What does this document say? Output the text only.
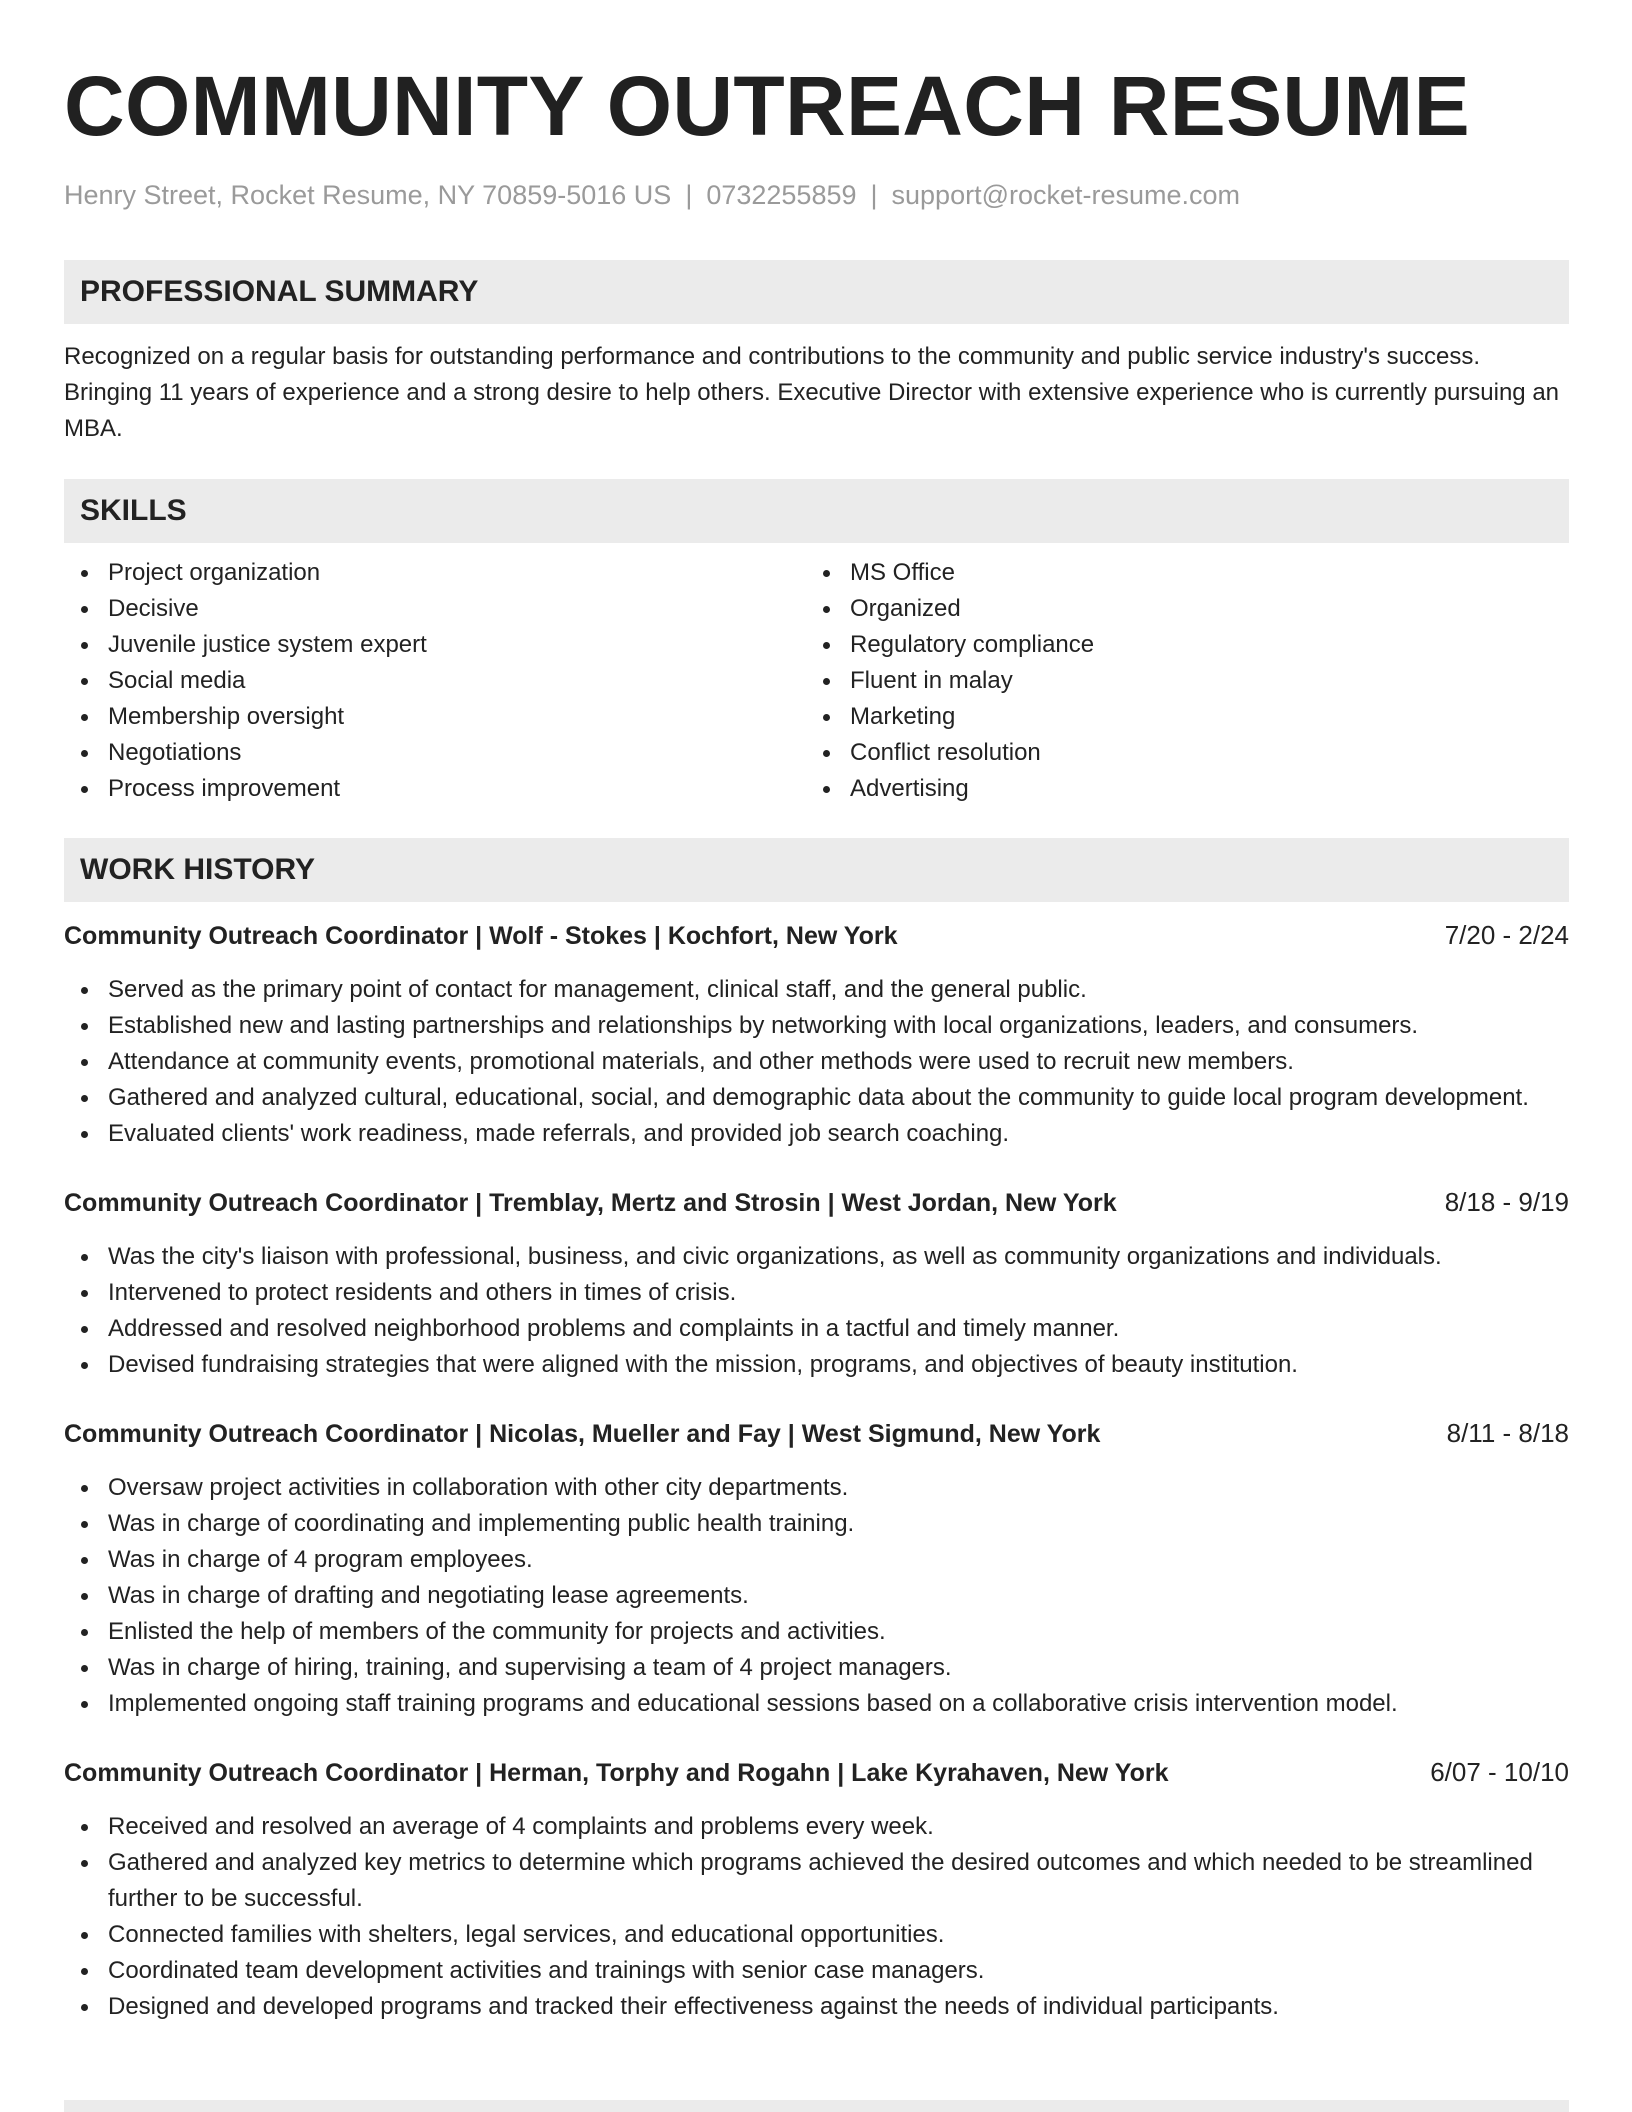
COMMUNITY OUTREACH RESUME
Henry Street, Rocket Resume, NY 70859-5016 US | 0732255859 | support@rocket-resume.com
PROFESSIONAL SUMMARY
Recognized on a regular basis for outstanding performance and contributions to the community and public service industry's success. Bringing 11 years of experience and a strong desire to help others. Executive Director with extensive experience who is currently pursuing an MBA.
SKILLS
Project organization
Decisive
Juvenile justice system expert
Social media
Membership oversight
Negotiations
Process improvement
MS Office
Organized
Regulatory compliance
Fluent in malay
Marketing
Conflict resolution
Advertising
WORK HISTORY
Community Outreach Coordinator | Wolf - Stokes | Kochfort, New York	7/20 - 2/24
Served as the primary point of contact for management, clinical staff, and the general public.
Established new and lasting partnerships and relationships by networking with local organizations, leaders, and consumers.
Attendance at community events, promotional materials, and other methods were used to recruit new members.
Gathered and analyzed cultural, educational, social, and demographic data about the community to guide local program development.
Evaluated clients' work readiness, made referrals, and provided job search coaching.
Community Outreach Coordinator | Tremblay, Mertz and Strosin | West Jordan, New York	8/18 - 9/19
Was the city's liaison with professional, business, and civic organizations, as well as community organizations and individuals.
Intervened to protect residents and others in times of crisis.
Addressed and resolved neighborhood problems and complaints in a tactful and timely manner.
Devised fundraising strategies that were aligned with the mission, programs, and objectives of beauty institution.
Community Outreach Coordinator | Nicolas, Mueller and Fay | West Sigmund, New York	8/11 - 8/18
Oversaw project activities in collaboration with other city departments.
Was in charge of coordinating and implementing public health training.
Was in charge of 4 program employees.
Was in charge of drafting and negotiating lease agreements.
Enlisted the help of members of the community for projects and activities.
Was in charge of hiring, training, and supervising a team of 4 project managers.
Implemented ongoing staff training programs and educational sessions based on a collaborative crisis intervention model.
Community Outreach Coordinator | Herman, Torphy and Rogahn | Lake Kyrahaven, New York	6/07 - 10/10
Received and resolved an average of 4 complaints and problems every week.
Gathered and analyzed key metrics to determine which programs achieved the desired outcomes and which needed to be streamlined further to be successful.
Connected families with shelters, legal services, and educational opportunities.
Coordinated team development activities and trainings with senior case managers.
Designed and developed programs and tracked their effectiveness against the needs of individual participants.
